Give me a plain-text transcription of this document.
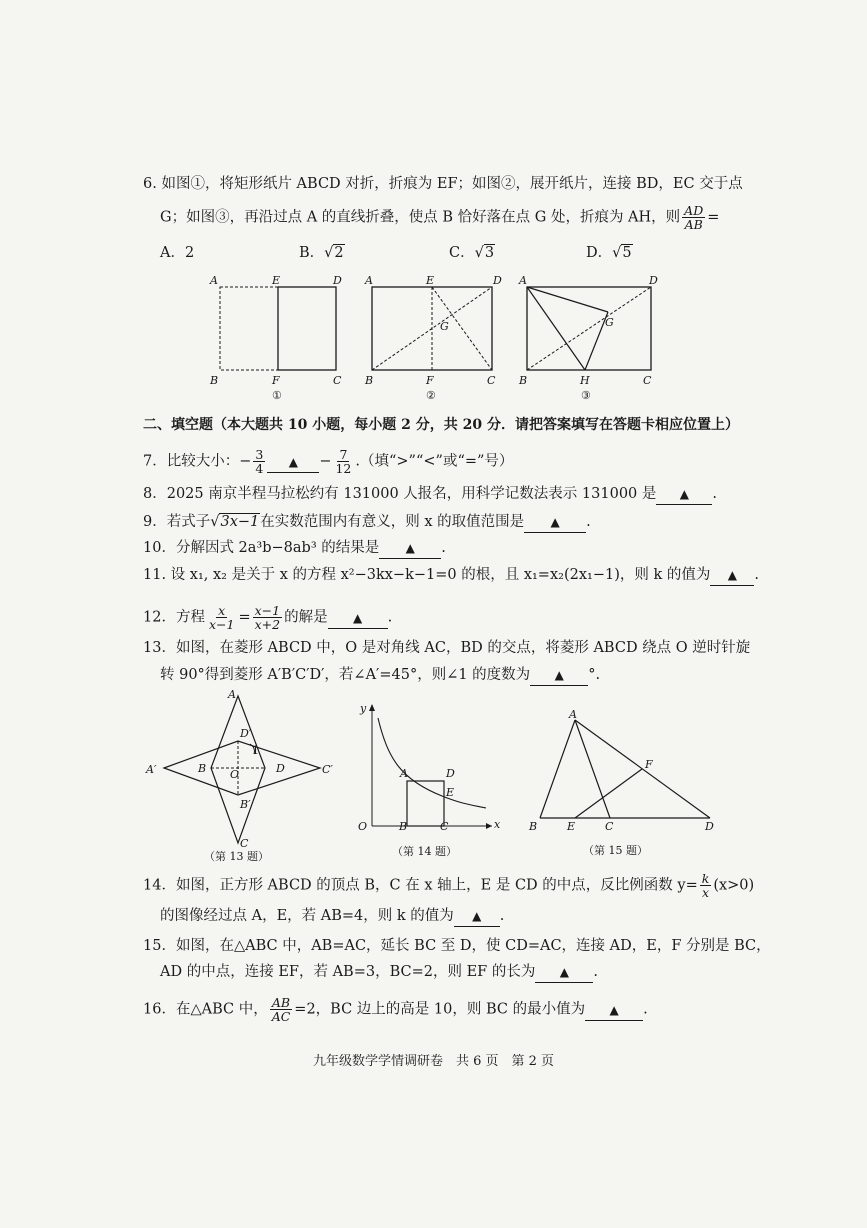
6. 如图①，将矩形纸片 ABCD 对折，折痕为 EF；如图②，展开纸片，连接 BD，EC 交于点
G；如图③，再沿过点 A 的直线折叠，使点 B 恰好落在点 G 处，折痕为 AH，则 $\frac{AD}{AB}$ =
A．2	B．√2	C．√3	D．√5
A	E	D
B	F	C
①
A	E	D
B	F	C
G
②
A	D
B	H	C
G
③
二、填空题（本大题共 10 小题，每小题 2 分，共 20 分．请把答案填写在答题卡相应位置上）
7．比较大小：− $\frac{3}{4}$ ▲ − $\frac{7}{12}$ .（填“>”“<”或“=”号）
8．2025 南京半程马拉松约有 131000 人报名，用科学记数法表示 131000 是 ▲ .
9．若式子√3x−1在实数范围内有意义，则 x 的取值范围是 ▲ .
10．分解因式 2a³b−8ab³ 的结果是 ▲ .
11. 设 x₁, x₂ 是关于 x 的方程 x²−3kx−k−1=0 的根，且 x₁=x₂(2x₁−1)，则 k 的值为 ▲ .
12．方程 $\frac{x}{x-1} = \frac{x-1}{x+2}$ 的解是 ▲ .
13．如图，在菱形 ABCD 中，O 是对角线 AC，BD 的交点，将菱形 ABCD 绕点 O 逆时针旋
转 90°得到菱形 A′B′C′D′，若∠A′=45°，则∠1 的度数为 ▲ °.
A
A′	C′
B	D
O
D′
B′
1
C
（第 13 题）
y
x
O
A	D
E
B	C
（第 14 题）
A
F
B	E	C	D
（第 15 题）
14．如图，正方形 ABCD 的顶点 B，C 在 x 轴上，E 是 CD 的中点，反比例函数 $y= \frac{k}{x} (x>0)$
的图像经过点 A，E，若 AB=4，则 k 的值为 ▲ .
15．如图，在△ABC 中，AB=AC，延长 BC 至 D，使 CD=AC，连接 AD，E，F 分别是 BC，
AD 的中点，连接 EF，若 AB=3，BC=2，则 EF 的长为 ▲ .
16．在△ABC 中， $\frac{AB}{AC} =2$，BC 边上的高是 10，则 BC 的最小值为 ▲ .
九年级数学学情调研卷　共 6 页　第 2 页
